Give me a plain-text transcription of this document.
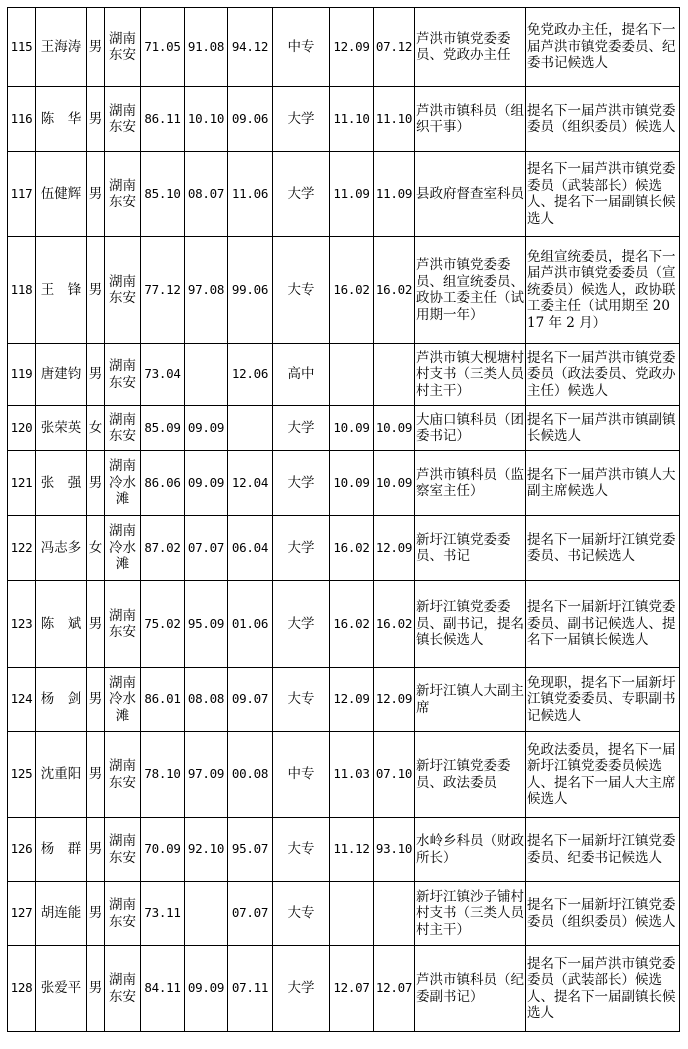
115	王海涛	男	湖南东安	71.05	91.08	94.12	中专	12.09	07.12	芦洪市镇党委委员、党政办主任	免党政办主任，提名下一届芦洪市镇党委委员、纪委书记候选人
116	陈　华	男	湖南东安	86.11	10.10	09.06	大学	11.10	11.10	芦洪市镇科员（组织干事）	提名下一届芦洪市镇党委委员（组织委员）候选人
117	伍健辉	男	湖南东安	85.10	08.07	11.06	大学	11.09	11.09	县政府督查室科员	提名下一届芦洪市镇党委委员（武装部长）候选人、提名下一届副镇长候选人
118	王　锋	男	湖南东安	77.12	97.08	99.06	大专	16.02	16.02	芦洪市镇党委委员、组宣统委员、政协工委主任（试用期一年）	免组宣统委员，提名下一届芦洪市镇党委委员（宣统委员）候选人，政协联工委主任（试用期至 2017 年 2 月）
119	唐建钧	男	湖南东安	73.04		12.06	高中			芦洪市镇大枧塘村村支书（三类人员村主干）	提名下一届芦洪市镇党委委员（政法委员、党政办主任）候选人
120	张荣英	女	湖南东安	85.09	09.09		大学	10.09	10.09	大庙口镇科员（团委书记）	提名下一届芦洪市镇副镇长候选人
121	张　强	男	湖南冷水滩	86.06	09.09	12.04	大学	10.09	10.09	芦洪市镇科员（监察室主任）	提名下一届芦洪市镇人大副主席候选人
122	冯志多	女	湖南冷水滩	87.02	07.07	06.04	大学	16.02	12.09	新圩江镇党委委员、书记	提名下一届新圩江镇党委委员、书记候选人
123	陈　斌	男	湖南东安	75.02	95.09	01.06	大学	16.02	16.02	新圩江镇党委委员、副书记，提名镇长候选人	提名下一届新圩江镇党委委员、副书记候选人、提名下一届镇长候选人
124	杨　剑	男	湖南冷水滩	86.01	08.08	09.07	大专	12.09	12.09	新圩江镇人大副主席	免现职，提名下一届新圩江镇党委委员、专职副书记候选人
125	沈重阳	男	湖南东安	78.10	97.09	00.08	中专	11.03	07.10	新圩江镇党委委员、政法委员	免政法委员，提名下一届新圩江镇党委委员候选人、提名下一届人大主席候选人
126	杨　群	男	湖南东安	70.09	92.10	95.07	大专	11.12	93.10	水岭乡科员（财政所长）	提名下一届新圩江镇党委委员、纪委书记候选人
127	胡连能	男	湖南东安	73.11		07.07	大专			新圩江镇沙子铺村村支书（三类人员村主干）	提名下一届新圩江镇党委委员（组织委员）候选人
128	张爱平	男	湖南东安	84.11	09.09	07.11	大学	12.07	12.07	芦洪市镇科员（纪委副书记）	提名下一届芦洪市镇党委委员（武装部长）候选人、提名下一届副镇长候选人
